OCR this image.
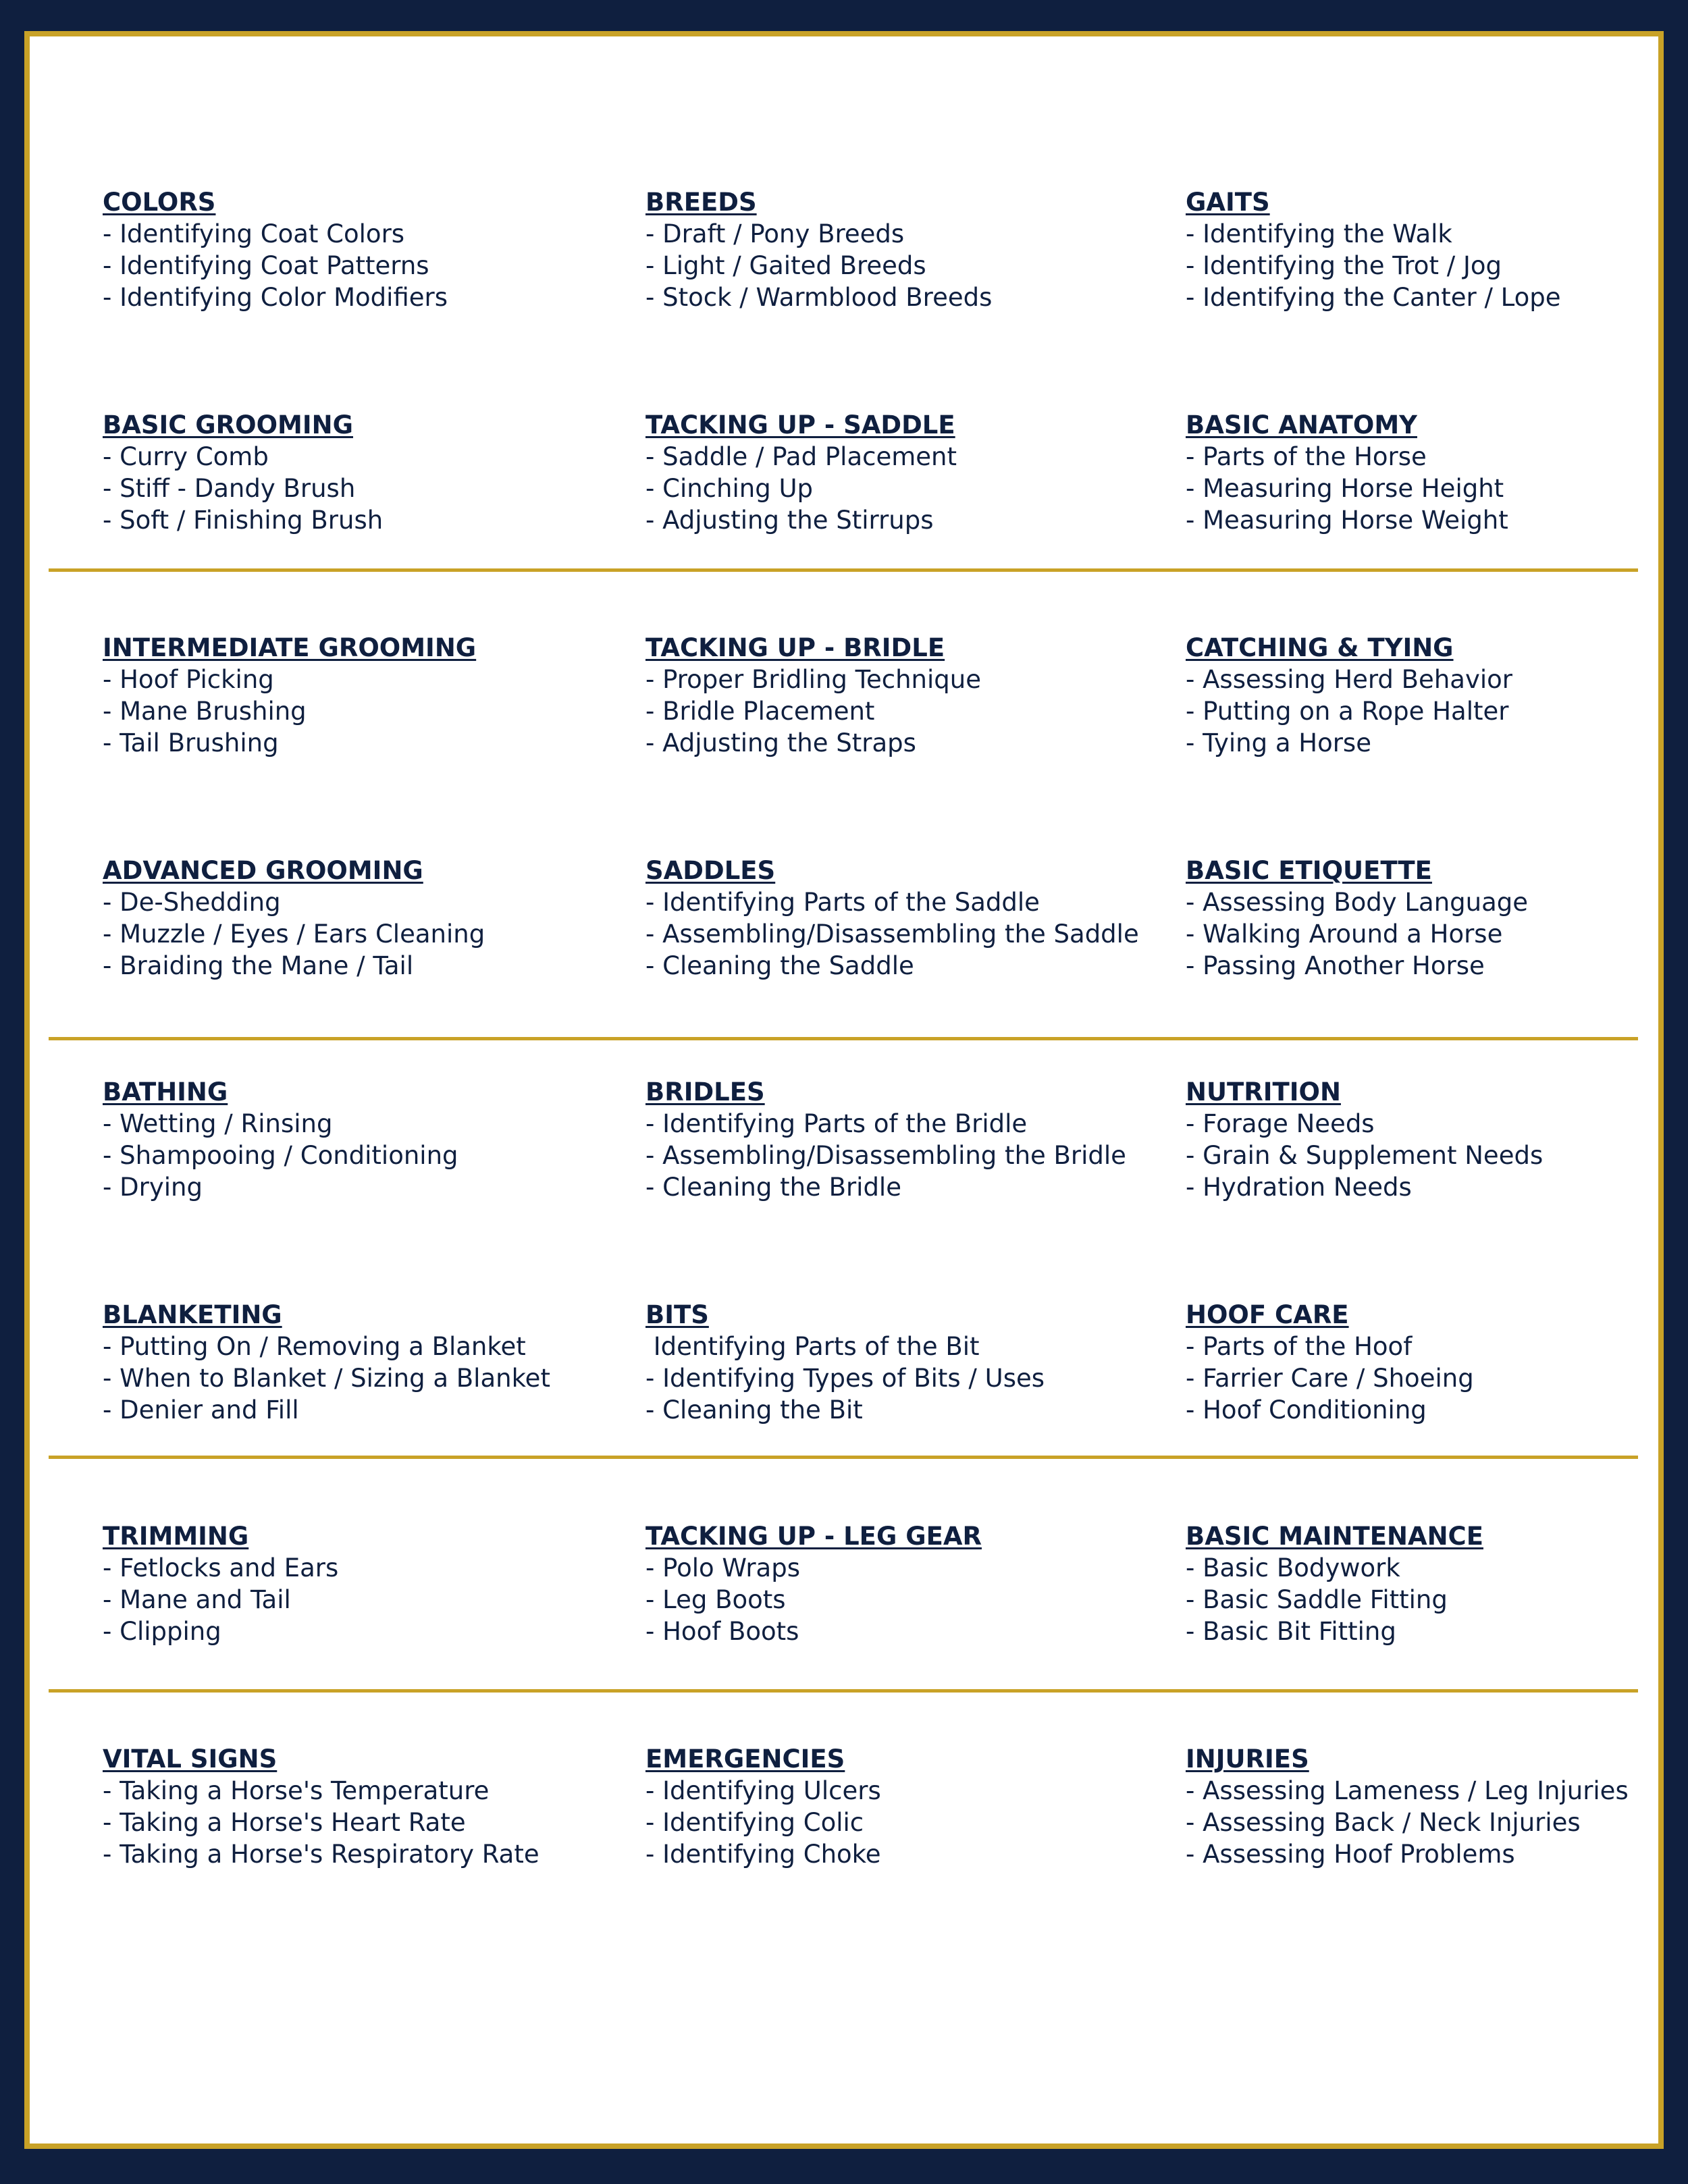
COLORS
- Identifying Coat Colors
- Identifying Coat Patterns
- Identifying Color Modifiers
BREEDS
- Draft / Pony Breeds
- Light / Gaited Breeds
- Stock / Warmblood Breeds
GAITS
- Identifying the Walk
- Identifying the Trot / Jog
- Identifying the Canter / Lope
BASIC GROOMING
- Curry Comb
- Stiff - Dandy Brush
- Soft / Finishing Brush
TACKING UP - SADDLE
- Saddle / Pad Placement
- Cinching Up
- Adjusting the Stirrups
BASIC ANATOMY
- Parts of the Horse
- Measuring Horse Height
- Measuring Horse Weight
INTERMEDIATE GROOMING
- Hoof Picking
- Mane Brushing
- Tail Brushing
TACKING UP - BRIDLE
- Proper Bridling Technique
- Bridle Placement
- Adjusting the Straps
CATCHING & TYING
- Assessing Herd Behavior
- Putting on a Rope Halter
- Tying a Horse
ADVANCED GROOMING
- De-Shedding
- Muzzle / Eyes / Ears Cleaning
- Braiding the Mane / Tail
SADDLES
- Identifying Parts of the Saddle
- Assembling/Disassembling the Saddle
- Cleaning the Saddle
BASIC ETIQUETTE
- Assessing Body Language
- Walking Around a Horse
- Passing Another Horse
BATHING
- Wetting / Rinsing
- Shampooing / Conditioning
- Drying
BRIDLES
- Identifying Parts of the Bridle
- Assembling/Disassembling the Bridle
- Cleaning the Bridle
NUTRITION
- Forage Needs
- Grain & Supplement Needs
- Hydration Needs
BLANKETING
- Putting On / Removing a Blanket
- When to Blanket / Sizing a Blanket
- Denier and Fill
BITS
Identifying Parts of the Bit
- Identifying Types of Bits / Uses
- Cleaning the Bit
HOOF CARE
- Parts of the Hoof
- Farrier Care / Shoeing
- Hoof Conditioning
TRIMMING
- Fetlocks and Ears
- Mane and Tail
- Clipping
TACKING UP - LEG GEAR
- Polo Wraps
- Leg Boots
- Hoof Boots
BASIC MAINTENANCE
- Basic Bodywork
- Basic Saddle Fitting
- Basic Bit Fitting
VITAL SIGNS
- Taking a Horse's Temperature
- Taking a Horse's Heart Rate
- Taking a Horse's Respiratory Rate
EMERGENCIES
- Identifying Ulcers
- Identifying Colic
- Identifying Choke
INJURIES
- Assessing Lameness / Leg Injuries
- Assessing Back / Neck Injuries
- Assessing Hoof Problems
